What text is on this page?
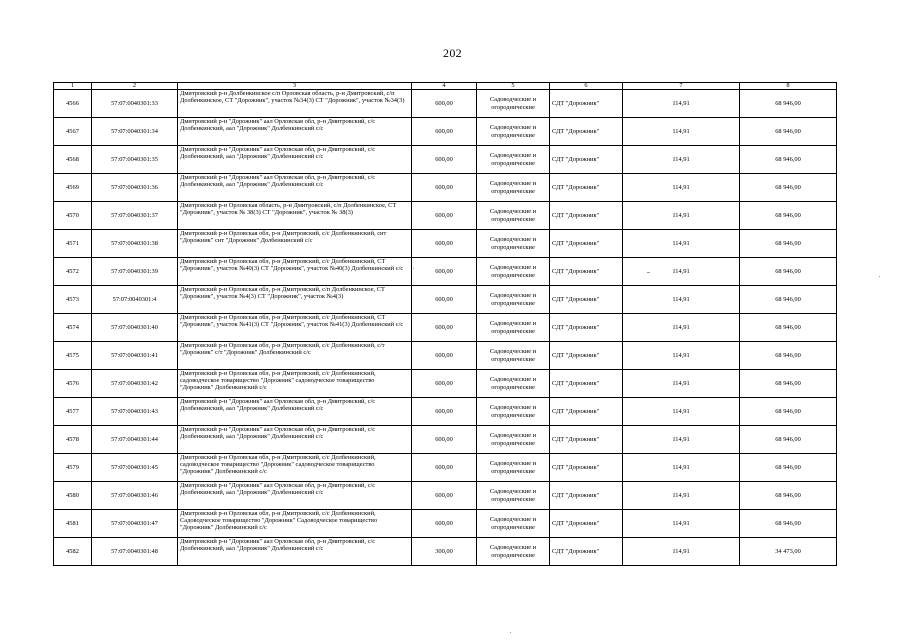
202
1	2	3	4	5	6	7	8
4566	57:07:0040301:33	Дмитровский р-н Долбенкинское с/п Орловская область, р-н Дмитровский, с/п Долбенкинское, СТ "Дорожник", участок №34(3) СТ "Дорожник", участок №34(3)	600,00	Садоводческие и огороднические	СДТ "Дорожник"	114,91	68 946,00
4567	57:07:0040301:34	Дмитровский р-н "Дорожник" аал Орловская обл, р-н Дмитровский, с/с Долбенкинский, аал "Дорожник" Долбенкинский с/с	600,00	Садоводческие и огороднические	СДТ "Дорожник"	114,91	68 946,00
4568	57:07:0040301:35	Дмитровский р-н "Дорожник" аал Орловская обл, р-н Дмитровский, с/с Долбенкинский, аал "Дорожник" Долбенкинский с/с	600,00	Садоводческие и огороднические	СДТ "Дорожник"	114,91	68 946,00
4569	57:07:0040301:36	Дмитровский р-н "Дорожник" аал Орловская обл, р-н Дмитровский, с/с Долбенкинский, аал "Дорожник" Долбенкинский с/с	600,00	Садоводческие и огороднические	СДТ "Дорожник"	114,91	68 946,00
4570	57:07:0040301:37	Дмитровский р-н Орловская область, р-н Дмитровский, с/п Долбенкинское, СТ "Дорожник", участок № 38(3) СТ "Дорожник", участок № 38(3)	600,00	Садоводческие и огороднические	СДТ "Дорожник"	114,91	68 946,00
4571	57:07:0040301:38	Дмитровский р-н Орловская обл, р-н Дмитровский, с/с Долбенкинский, снт "Дорожник" снт "Дорожник" Долбенкинский с/с	600,00	Садоводческие и огороднические	СДТ "Дорожник"	114,91	68 946,00
4572	57:07:0040301:39	Дмитровский р-н Орловская обл, р-н Дмитровский, с/с Долбенкинский, СТ "Дорожник", участок №40(3) СТ "Дорожник", участок №40(3) Долбенкинский с/с	600,00	Садоводческие и огороднические	СДТ "Дорожник"	114,91	68 946,00
4573	57:07:0040301:4	Дмитровский р-н Орловская обл, р-н Дмитровский, с/п Долбенкинское, СТ "Дорожник", участок №4(3) СТ "Дорожник", участок №4(3)	600,00	Садоводческие и огороднические	СДТ "Дорожник"	114,91	68 946,00
4574	57:07:0040301:40	Дмитровский р-н Орловская обл, р-н Дмитровский, с/с Долбенкинский, СТ "Дорожник", участок №41(3) СТ "Дорожник", участок №41(3) Долбенкинский с/с	600,00	Садоводческие и огороднические	СДТ "Дорожник"	114,91	68 946,00
4575	57:07:0040301:41	Дмитровский р-н Орловская обл, р-н Дмитровский, с/с Долбенкинский, с/т "Дорожник" с/т "Дорожник" Долбенкинский с/с	600,00	Садоводческие и огороднические	СДТ "Дорожник"	114,91	68 946,00
4576	57:07:0040301:42	Дмитровский р-н Орловская обл, р-н Дмитровский, с/с Долбенкинский, садоводческое товарищество "Дорожник" садоводческое товарищество "Дорожник" Долбенкинский с/с	600,00	Садоводческие и огороднические	СДТ "Дорожник"	114,91	68 946,00
4577	57:07:0040301:43	Дмитровский р-н "Дорожник" аал Орловская обл, р-н Дмитровский, с/с Долбенкинский, аал "Дорожник" Долбенкинский с/с	600,00	Садоводческие и огороднические	СДТ "Дорожник"	114,91	68 946,00
4578	57:07:0040301:44	Дмитровский р-н "Дорожник" аал Орловская обл, р-н Дмитровский, с/с Долбенкинский, аал "Дорожник" Долбенкинский с/с	600,00	Садоводческие и огороднические	СДТ "Дорожник"	114,91	68 946,00
4579	57:07:0040301:45	Дмитровский р-н Орловская обл, р-н Дмитровский, с/с Долбенкинский, садоводческое товарищество "Дорожник" садоводческое товарищество "Дорожник" Долбенкинский с/с	600,00	Садоводческие и огороднические	СДТ "Дорожник"	114,91	68 946,00
4580	57:07:0040301:46	Дмитровский р-н "Дорожник" аал Орловская обл, р-н Дмитровский, с/с Долбенкинский, аал "Дорожник" Долбенкинский с/с	600,00	Садоводческие и огороднические	СДТ "Дорожник"	114,91	68 946,00
4581	57:07:0040301:47	Дмитровский р-н Орловская обл, р-н Дмитровский, с/с Долбенкинский, Садоводческое товарищество "Дорожник" Садоводческое товарищество "Дорожник" Долбенкинский с/с	600,00	Садоводческие и огороднические	СДТ "Дорожник"	114,91	68 946,00
4582	57:07:0040301:48	Дмитровский р-н "Дорожник" аал Орловская обл, р-н Дмитровский, с/с Долбенкинский, аал "Дорожник" Долбенкинский с/с	300,00	Садоводческие и огороднические	СДТ "Дорожник"	114,91	34 473,00
